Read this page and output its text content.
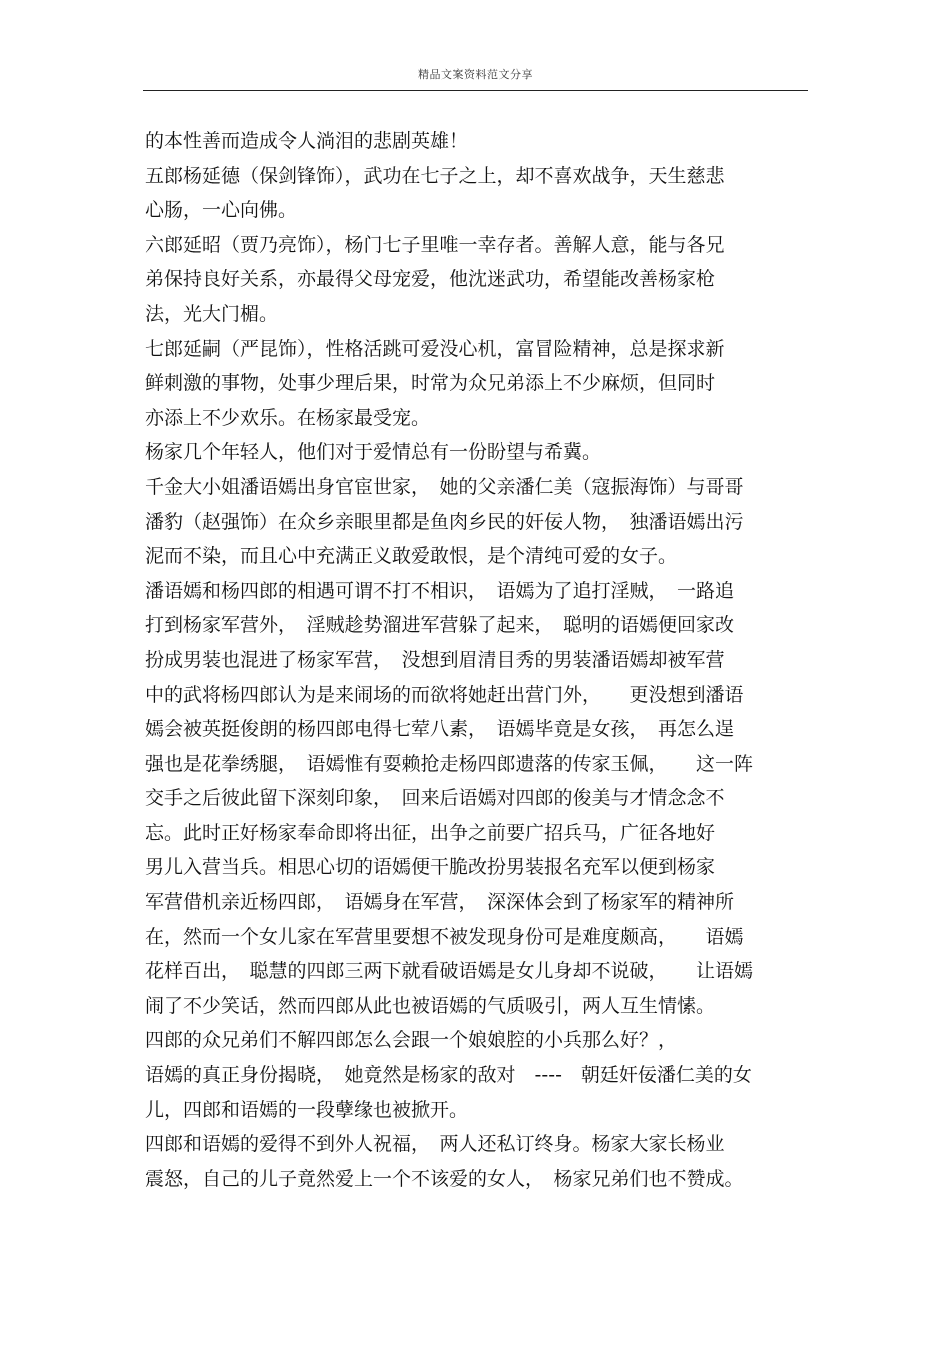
精品文案资料范文分享
的本性善而造成令人淌泪的悲剧英雄！
五郎杨延德（保剑锋饰），武功在七子之上，却不喜欢战争，天生慈悲
心肠，一心向佛。
六郎延昭（贾乃亮饰），杨门七子里唯一幸存者。善解人意，能与各兄
弟保持良好关系，亦最得父母宠爱，他沈迷武功，希望能改善杨家枪
法，光大门楣。
七郎延嗣（严昆饰），性格活跳可爱没心机，富冒险精神，总是探求新
鲜刺激的事物，处事少理后果，时常为众兄弟添上不少麻烦，但同时
亦添上不少欢乐。在杨家最受宠。
杨家几个年轻人，他们对于爱情总有一份盼望与希冀。
千金大小姐潘语嫣出身官宦世家，　她的父亲潘仁美（寇振海饰）与哥哥
潘豹（赵强饰）在众乡亲眼里都是鱼肉乡民的奸佞人物，　独潘语嫣出污
泥而不染，而且心中充满正义敢爱敢恨，是个清纯可爱的女子。
潘语嫣和杨四郎的相遇可谓不打不相识，　语嫣为了追打淫贼，　一路追
打到杨家军营外，　淫贼趁势溜进军营躲了起来，　聪明的语嫣便回家改
扮成男装也混进了杨家军营，　没想到眉清目秀的男装潘语嫣却被军营
中的武将杨四郎认为是来闹场的而欲将她赶出营门外，　　更没想到潘语
嫣会被英挺俊朗的杨四郎电得七荤八素，　语嫣毕竟是女孩，　再怎么逞
强也是花拳绣腿，　语嫣惟有耍赖抢走杨四郎遗落的传家玉佩，　　这一阵
交手之后彼此留下深刻印象，　回来后语嫣对四郎的俊美与才情念念不
忘。此时正好杨家奉命即将出征，出争之前要广招兵马，广征各地好
男儿入营当兵。相思心切的语嫣便干脆改扮男装报名充军以便到杨家
军营借机亲近杨四郎，　语嫣身在军营，　深深体会到了杨家军的精神所
在，然而一个女儿家在军营里要想不被发现身份可是难度颇高，　　语嫣
花样百出，　聪慧的四郎三两下就看破语嫣是女儿身却不说破，　　让语嫣
闹了不少笑话，然而四郎从此也被语嫣的气质吸引，两人互生情愫。
四郎的众兄弟们不解四郎怎么会跟一个娘娘腔的小兵那么好？，
语嫣的真正身份揭晓，　她竟然是杨家的敌对　----　朝廷奸佞潘仁美的女
儿，四郎和语嫣的一段孽缘也被掀开。
四郎和语嫣的爱得不到外人祝福，　两人还私订终身。杨家大家长杨业
震怒，自己的儿子竟然爱上一个不该爱的女人，　杨家兄弟们也不赞成。
